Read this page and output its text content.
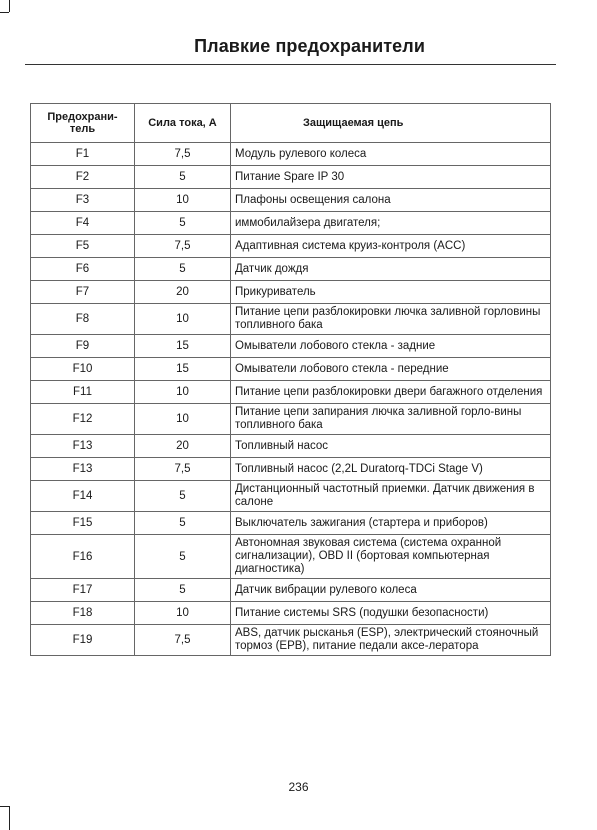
Плавкие предохранители
Предохрани-тель	Сила тока, A	Защищаемая цепь
F1	7,5	Модуль рулевого колеса
F2	5	Питание Spare IP 30
F3	10	Плафоны освещения салона
F4	5	иммобилайзера двигателя;
F5	7,5	Адаптивная система круиз-контроля (ACC)
F6	5	Датчик дождя
F7	20	Прикуриватель
F8	10	Питание цепи разблокировки лючка заливной горловины топливного бака
F9	15	Омыватели лобового стекла - задние
F10	15	Омыватели лобового стекла - передние
F11	10	Питание цепи разблокировки двери багажного отделения
F12	10	Питание цепи запирания лючка заливной горло-вины топливного бака
F13	20	Топливный насос
F13	7,5	Топливный насос (2,2L Duratorq-TDCi Stage V)
F14	5	Дистанционный частотный приемки. Датчик движения в салоне
F15	5	Выключатель зажигания (стартера и приборов)
F16	5	Автономная звуковая система (система охранной сигнализации), OBD II (бортовая компьютерная диагностика)
F17	5	Датчик вибрации рулевого колеса
F18	10	Питание системы SRS (подушки безопасности)
F19	7,5	ABS, датчик рысканья (ESP), электрический стояночный тормоз (EPB), питание педали аксе-лератора
236
